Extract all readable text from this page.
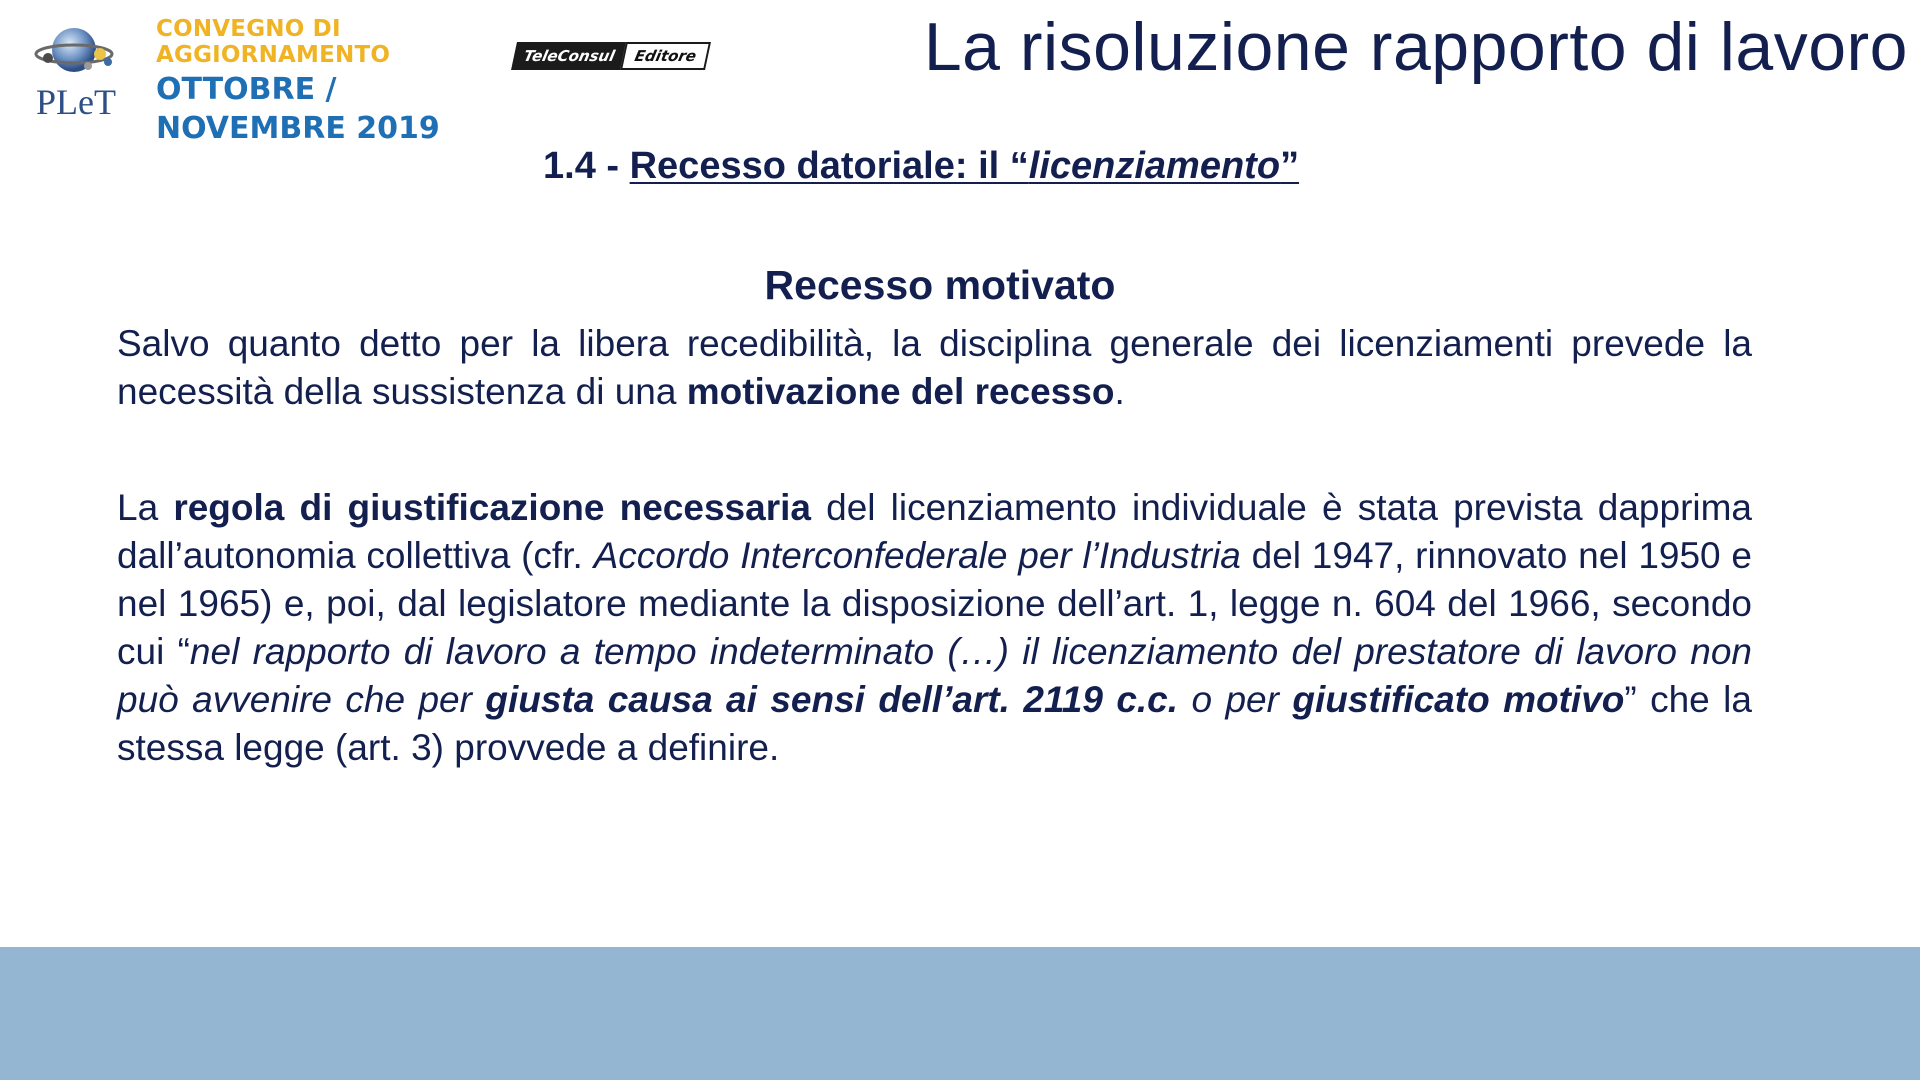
PLeT
CONVEGNO DI
AGGIORNAMENTO
OTTOBRE /
NOVEMBRE 2019
TeleConsul	Editore	La risoluzione rapporto di lavoro
1.4 - Recesso datoriale: il “licenziamento”
Recesso motivato
Salvo quanto detto per la libera recedibilità, la disciplina generale dei licenziamenti prevede la necessità della sussistenza di una motivazione del recesso.
La regola di giustificazione necessaria del licenziamento individuale è stata prevista dapprima dall’autonomia collettiva (cfr. Accordo Interconfederale per l’Industria del 1947, rinnovato nel 1950 e nel 1965) e, poi, dal legislatore mediante la disposizione dell’art. 1, legge n. 604 del 1966, secondo cui “nel rapporto di lavoro a tempo indeterminato (…) il licenziamento del prestatore di lavoro non può avvenire che per giusta causa ai sensi dell’art. 2119 c.c. o per giustificato motivo” che la stessa legge (art. 3) provvede a definire.
